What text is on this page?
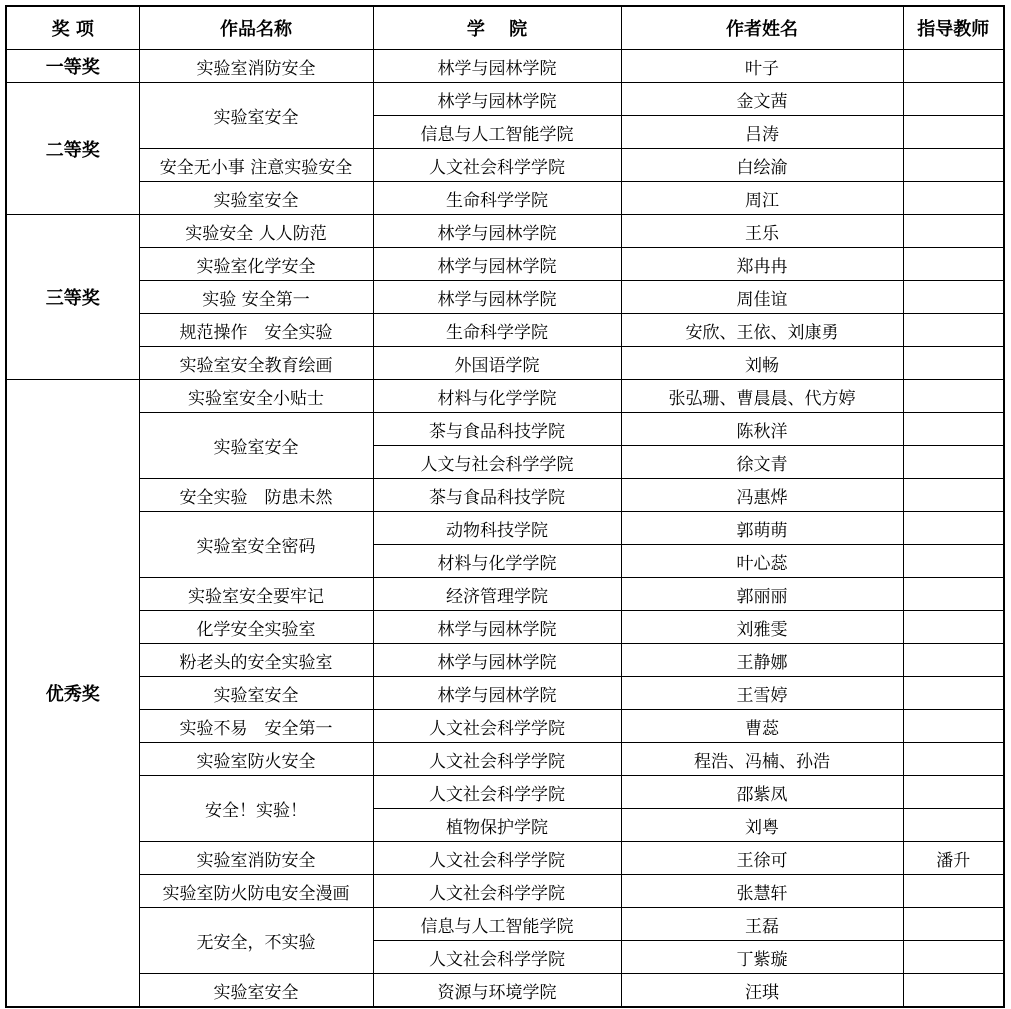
奖 项	作品名称	学　 院	作者姓名	指导教师
一等奖	实验室消防安全	林学与园林学院	叶子	
二等奖	实验室安全	林学与园林学院	金文茜	
		信息与人工智能学院	吕涛	
	安全无小事 注意实验安全	人文社会科学学院	白绘渝	
	实验室安全	生命科学学院	周江	
三等奖	实验安全 人人防范	林学与园林学院	王乐	
	实验室化学安全	林学与园林学院	郑冉冉	
	实验 安全第一	林学与园林学院	周佳谊	
	规范操作　安全实验	生命科学学院	安欣、王依、刘康勇	
	实验室安全教育绘画	外国语学院	刘畅	
优秀奖	实验室安全小贴士	材料与化学学院	张弘珊、曹晨晨、代方婷	
	实验室安全	茶与食品科技学院	陈秋洋	
		人文与社会科学学院	徐文青	
	安全实验　防患未然	茶与食品科技学院	冯惠烨	
	实验室安全密码	动物科技学院	郭萌萌	
		材料与化学学院	叶心蕊	
	实验室安全要牢记	经济管理学院	郭丽丽	
	化学安全实验室	林学与园林学院	刘雅雯	
	粉老头的安全实验室	林学与园林学院	王静娜	
	实验室安全	林学与园林学院	王雪婷	
	实验不易　安全第一	人文社会科学学院	曹蕊	
	实验室防火安全	人文社会科学学院	程浩、冯楠、孙浩	
	安全！实验！	人文社会科学学院	邵紫凤	
		植物保护学院	刘粤	
	实验室消防安全	人文社会科学学院	王徐可	潘升
	实验室防火防电安全漫画	人文社会科学学院	张慧轩	
	无安全，不实验	信息与人工智能学院	王磊	
		人文社会科学学院	丁紫璇	
	实验室安全	资源与环境学院	汪琪	
